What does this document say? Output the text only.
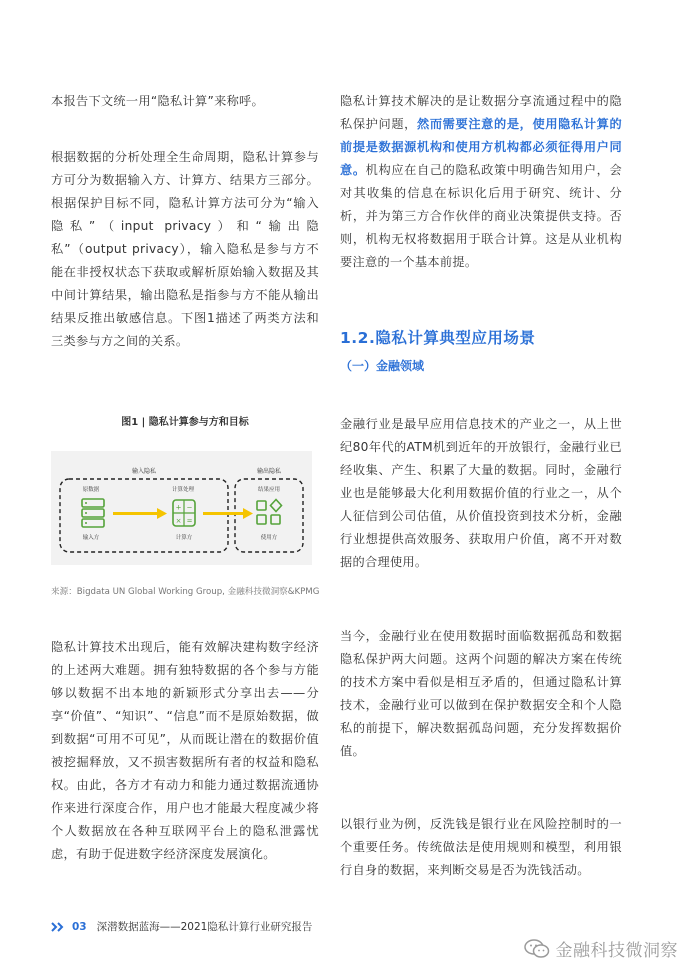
本报告下文统一用“隐私计算”来称呼。

根据数据的分析处理全生命周期，隐私计算参与方可分为数据输入方、计算方、结果方三部分。根据保护目标不同，隐私计算方法可分为“输入隐私”（input privacy）和“输出隐私”（output privacy），输入隐私是参与方不能在非授权状态下获取或解析原始输入数据及其中间计算结果，输出隐私是指参与方不能从输出结果反推出敏感信息。下图1描述了两类方法和三类参与方之间的关系。

图1 | 隐私计算参与方和目标
输入隐私	输出隐私
原数据	计算处理	结果应用
+ −
× =
输入方	计算方	使用方
来源：Bigdata UN Global Working Group, 金融科技微洞察&KPMG

隐私计算技术出现后，能有效解决建构数字经济的上述两大难题。拥有独特数据的各个参与方能够以数据不出本地的新颖形式分享出去——分享“价值”、“知识”、“信息”而不是原始数据，做到数据“可用不可见”，从而既让潜在的数据价值被挖掘释放，又不损害数据所有者的权益和隐私权。由此，各方才有动力和能力通过数据流通协作来进行深度合作，用户也才能最大程度减少将个人数据放在各种互联网平台上的隐私泄露忧虑，有助于促进数字经济深度发展演化。

隐私计算技术解决的是让数据分享流通过程中的隐私保护问题，然而需要注意的是，使用隐私计算的前提是数据源机构和使用方机构都必须征得用户同意。机构应在自己的隐私政策中明确告知用户，会对其收集的信息在标识化后用于研究、统计、分析，并为第三方合作伙伴的商业决策提供支持。否则，机构无权将数据用于联合计算。这是从业机构要注意的一个基本前提。

1.2.隐私计算典型应用场景
（一）金融领域

金融行业是最早应用信息技术的产业之一，从上世纪80年代的ATM机到近年的开放银行，金融行业已经收集、产生、积累了大量的数据。同时，金融行业也是能够最大化利用数据价值的行业之一，从个人征信到公司估值，从价值投资到技术分析，金融行业想提供高效服务、获取用户价值，离不开对数据的合理使用。

当今，金融行业在使用数据时面临数据孤岛和数据隐私保护两大问题。这两个问题的解决方案在传统的技术方案中看似是相互矛盾的，但通过隐私计算技术，金融行业可以做到在保护数据安全和个人隐私的前提下，解决数据孤岛问题，充分发挥数据价值。

以银行业为例，反洗钱是银行业在风险控制时的一个重要任务。传统做法是使用规则和模型，利用银行自身的数据，来判断交易是否为洗钱活动。

03 深潜数据蓝海——2021隐私计算行业研究报告
金融科技微洞察
